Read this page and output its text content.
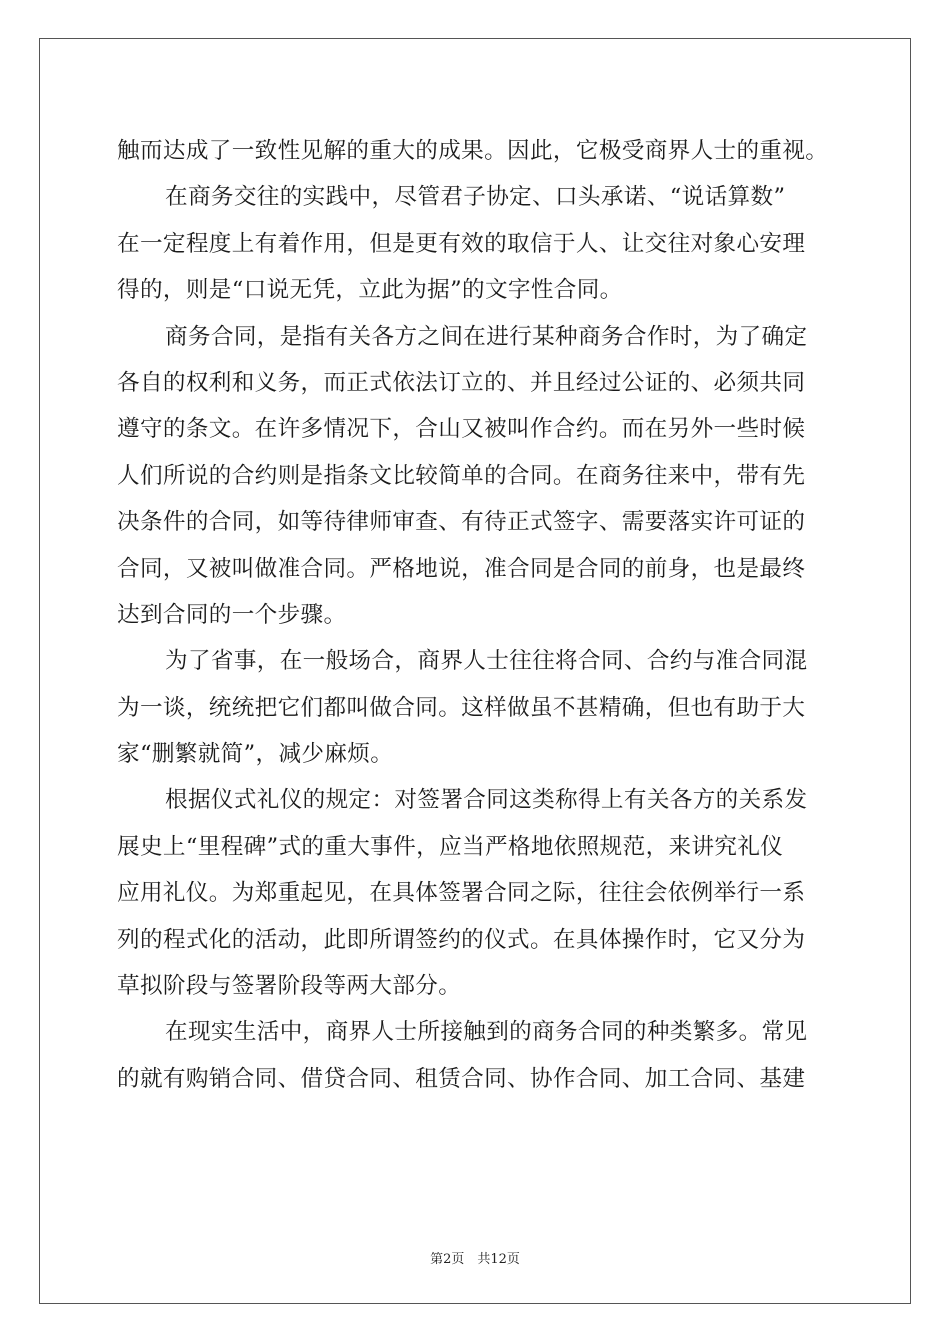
触而达成了一致性见解的重大的成果。因此，它极受商界人士的重视。
在商务交往的实践中，尽管君子协定、口头承诺、“说话算数”
在一定程度上有着作用，但是更有效的取信于人、让交往对象心安理
得的，则是“口说无凭，立此为据”的文字性合同。
商务合同，是指有关各方之间在进行某种商务合作时，为了确定
各自的权利和义务，而正式依法订立的、并且经过公证的、必须共同
遵守的条文。在许多情况下，合山又被叫作合约。而在另外一些时候
人们所说的合约则是指条文比较简单的合同。在商务往来中，带有先
决条件的合同，如等待律师审查、有待正式签字、需要落实许可证的
合同，又被叫做准合同。严格地说，准合同是合同的前身，也是最终
达到合同的一个步骤。
为了省事，在一般场合，商界人士往往将合同、合约与准合同混
为一谈，统统把它们都叫做合同。这样做虽不甚精确，但也有助于大
家“删繁就简”，减少麻烦。
根据仪式礼仪的规定：对签署合同这类称得上有关各方的关系发
展史上“里程碑”式的重大事件，应当严格地依照规范，来讲究礼仪
应用礼仪。为郑重起见，在具体签署合同之际，往往会依例举行一系
列的程式化的活动，此即所谓签约的仪式。在具体操作时，它又分为
草拟阶段与签署阶段等两大部分。
在现实生活中，商界人士所接触到的商务合同的种类繁多。常见
的就有购销合同、借贷合同、租赁合同、协作合同、加工合同、基建
第2页　共12页
